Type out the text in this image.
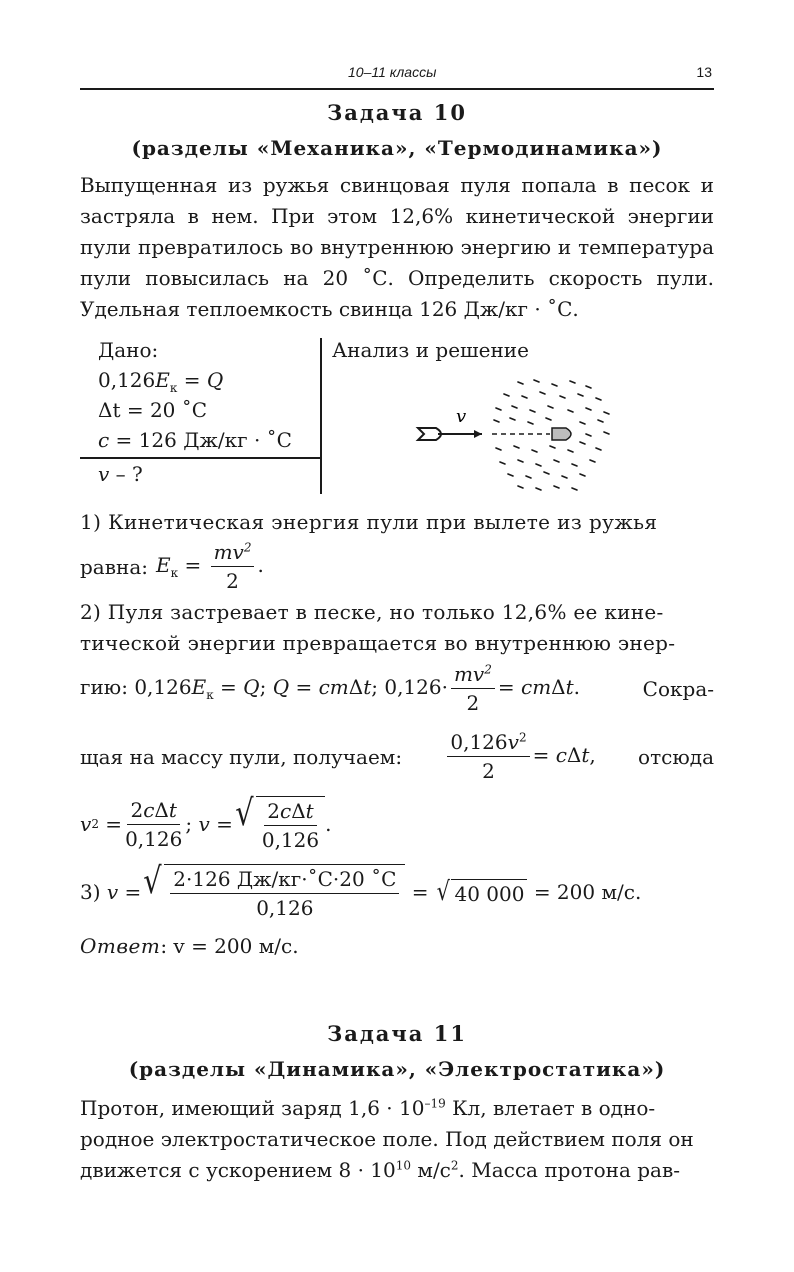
10–11 классы	13
Задача 10
(разделы «Механика», «Термодинамика»)
Выпущенная из ружья свинцовая пуля попала в песок и застряла в нем. При этом 12,6% кинетической энергии пули превратилось во внутреннюю энергию и температура пули повысилась на 20 ˚С. Определить скорость пули. Удельная теплоемкость свинца 126 Дж/кг · ˚С.
Дано:
$0,126E_к = Q$
Δt = 20 ˚С
c = 126 Дж/кг · ˚С
v – ?
Анализ и решение
v
1) Кинетическая энергия пули при вылете из ружья
равна: $E_к = \frac{mv^2}{2}$ .
2) Пуля застревает в песке, но только 12,6% ее кине-
тической энергии превращается во внутреннюю энер-
гию: $0,126E_к = Q$; Q = cmΔt; $0,126\cdot \frac{mv^2}{2} = cm\Delta t$.	Сокра-
щая на массу пули, получаем: $\frac{0,126v^2}{2} = c\Delta t$, отсюда
v $2 = \frac{\text{2cΔt}}{0,126}$ ; v = √ $\frac{\text{2cΔt}}{0,126}$ .
3)
v = √ $\frac{2\cdot 126 Дж/кг\cdot˚С\cdot 20 ˚С}{0,126}$ = √ 40 000
= 200 м/с.
Ответ: v = 200 м/с.
Задача 11
(разделы «Динамика», «Электростатика»)
Протон, имеющий заряд $1,6 \cdot 10^{-19}$ Кл, влетает в одно-
родное электростатическое поле. Под действием поля он
движется с ускорением $8 \cdot 10^{10}$ $м/с^2$. Масса протона рав-
